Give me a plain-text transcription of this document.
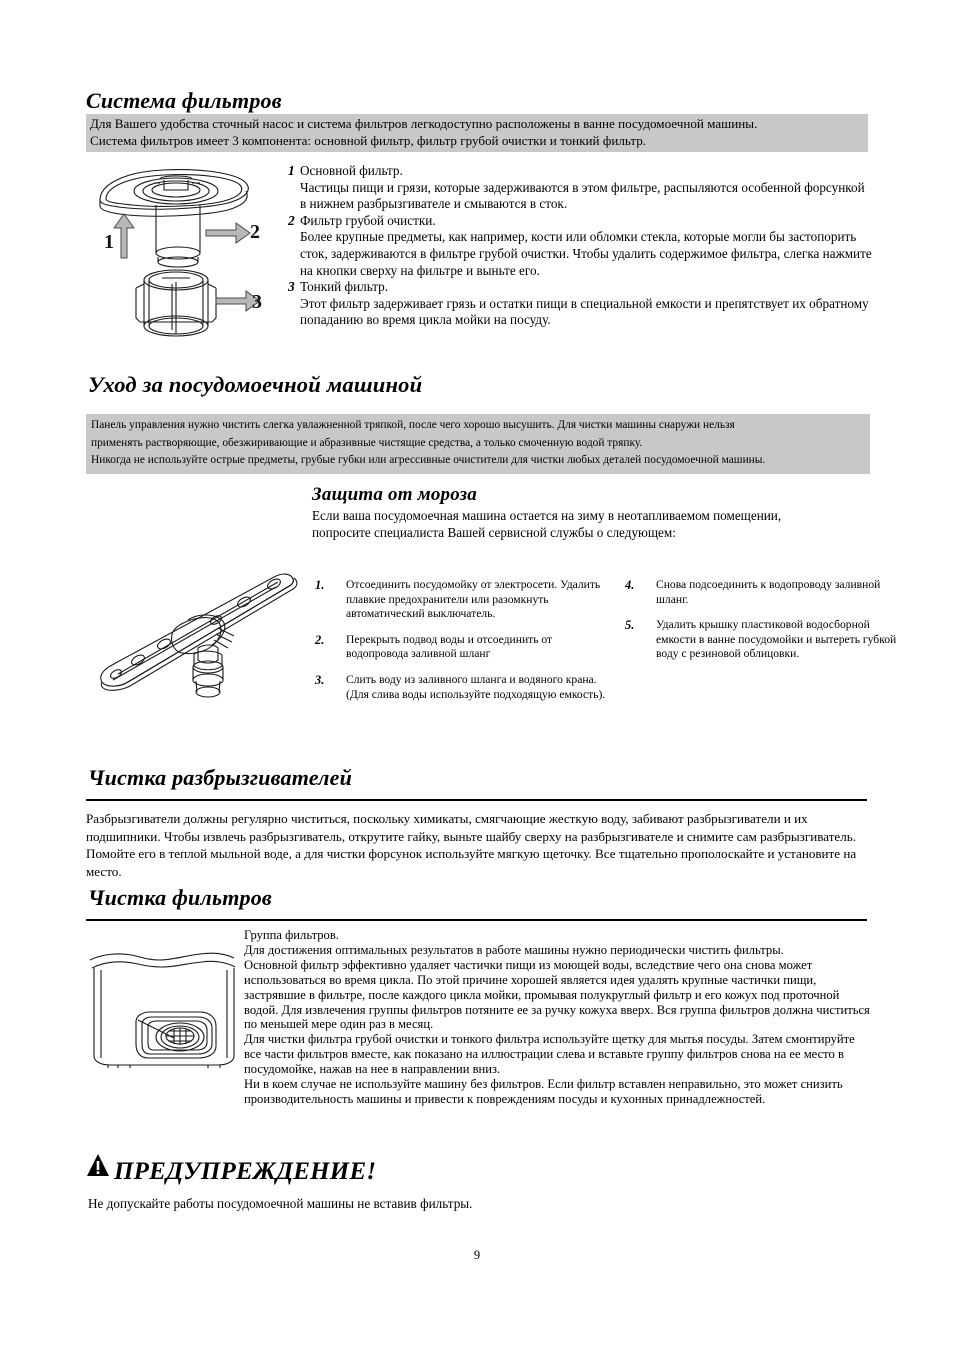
Система фильтров
Для Вашего удобства сточный насос и система фильтров легкодоступно расположены в ванне посудомоечной машины.
Система фильтров имеет 3 компонента: основной фильтр, фильтр грубой очистки и тонкий фильтр.
1	2
3
1 Основной фильтр.
Частицы пищи и грязи, которые задерживаются в этом фильтре, распыляются особенной форсункой в нижнем разбрызгивателе и смываются в сток.
2 Фильтр грубой очистки.
Более крупные предметы, как например, кости или обломки стекла, которые могли бы застопорить сток, задерживаются в фильтре грубой очистки. Чтобы удалить содержимое фильтра, слегка нажмите на кнопки сверху на фильтре и выньте его.
3 Тонкий фильтр.
Этот фильтр задерживает грязь и остатки пищи в специальной емкости и препятствует их обратному попаданию во время цикла мойки на посуду.
Уход за посудомоечной машиной
Панель управления нужно чистить слегка увлажненной тряпкой, после чего хорошо высушить. Для чистки машины снаружи нельзя
применять растворяющие, обезжиривающие и абразивные чистящие средства, а только смоченную водой тряпку.
Никогда не используйте острые предметы, грубые губки или агрессивные очистители для чистки любых деталей посудомоечной машины.
Защита от мороза
Если ваша посудомоечная машина остается на зиму в неотапливаемом помещении,
попросите специалиста Вашей сервисной службы о следующем:
1. Отсоединить посудомойку от электросети. Удалить плавкие предохранители или разомкнуть автоматический выключатель.
2. Перекрыть подвод воды и отсоединить от водопровода заливной шланг
3. Слить воду из заливного шланга и водяного крана. (Для слива воды используйте подходящую емкость).
4. Снова подсоединить к водопроводу заливной шланг.
5. Удалить крышку пластиковой водосборной емкости в ванне посудомойки и вытереть губкой воду с резиновой облицовки.
Чистка разбрызгивателей
Разбрызгиватели должны регулярно чиститься, поскольку химикаты, смягчающие жесткую воду, забивают разбрызгиватели и их подшипники. Чтобы извлечь разбрызгиватель, открутите гайку, выньте шайбу сверху на разбрызгивателе и снимите сам разбрызгиватель. Помойте его в теплой мыльной воде, а для чистки форсунок используйте мягкую щеточку. Все тщательно прополоскайте и установите на место.
Чистка фильтров

Группа фильтров.

Для достижения оптимальных результатов в работе машины нужно периодически чистить фильтры.

Основной фильтр эффективно удаляет частички пищи из моющей воды, вследствие чего она снова может использоваться во время цикла. По этой причине хорошей является идея удалять крупные частички пищи, застрявшие в фильтре, после каждого цикла мойки, промывая полукруглый фильтр и его кожух под проточной водой. Для извлечения группы фильтров потяните ее за ручку кожуха вверх. Вся группа фильтров должна чиститься по меньшей мере один раз в месяц.

Для чистки фильтра грубой очистки и тонкого фильтра используйте щетку для мытья посуды. Затем смонтируйте все части фильтров вместе, как показано на иллюстрации слева и вставьте группу фильтров снова на ее место в посудомойке, нажав на нее в направлении вниз.

Ни в коем случае не используйте машину без фильтров. Если фильтр вставлен неправильно, это может снизить производительность машины и привести к повреждениям посуды и кухонных принадлежностей.

ПРЕДУПРЕЖДЕНИЕ!
Не допускайте работы посудомоечной машины не вставив фильтры.
9
